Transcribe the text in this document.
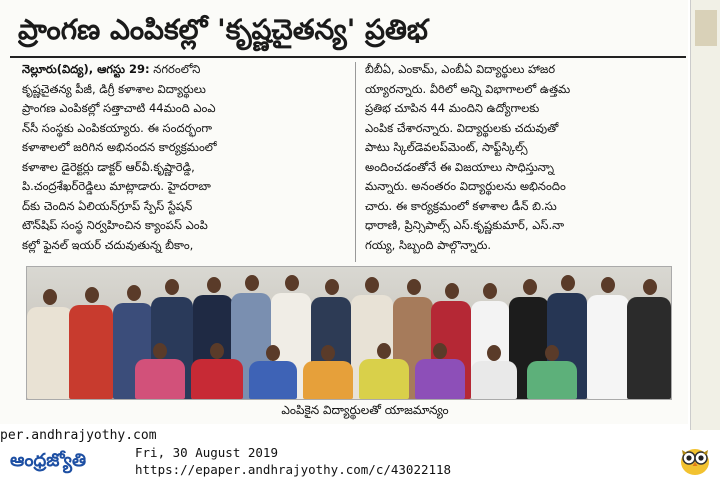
ప్రాంగణ ఎంపికల్లో 'కృష్ణచైతన్య' ప్రతిభ
నెల్లూరు(విద్య), ఆగస్టు 29: నగరంలోని
కృష్ణచైతన్య పీజీ, డిగ్రీ కళాశాల విద్యార్థులు
ప్రాంగణ ఎంపికల్లో సత్తాచాటి 44మంది ఎంఎ
న్‌సీ సంస్థకు ఎంపికయ్యారు. ఈ సందర్భంగా
కళాశాలలో జరిగిన అభినందన కార్యక్రమంలో
కళాశాల డైరెక్టర్లు డాక్టర్ ఆర్‌వీ.కృష్ణారెడ్డి,
పి.చంద్రశేఖర్‌రెడ్డిలు మాట్లాడారు. హైదరాబా
ద్‌కు చెందిన ఏలియన్‌గ్రూప్ స్పేస్ స్టేషన్
టౌన్‌షిప్ సంస్థ నిర్వహించిన క్యాంపస్ ఎంపి
కల్లో ఫైనల్ ఇయర్ చదువుతున్న బీకాం,
బీబీఏ, ఎంకామ్, ఎంబీఏ విద్యార్థులు హాజర
య్యారన్నారు. వీరిలో అన్ని విభాగాలలో ఉత్తమ
ప్రతిభ చూపిన 44 మందిని ఉద్యోగాలకు
ఎంపిక చేశారన్నారు. విద్యార్థులకు చదువుతో
పాటు స్కిల్‌డెవలప్‌మెంట్, సాఫ్ట్‌స్కిల్స్
అందించడంతోనే ఈ విజయాలు సాధిస్తున్నా
మన్నారు. అనంతరం విద్యార్థులను అభినందిం
చారు. ఈ కార్యక్రమంలో కళాశాల డీన్ బి.సు
ధారాణి, ప్రిన్సిపాల్స్ ఎస్.కృష్ణకుమార్, ఎస్.నా
గయ్య, సిబ్బంది పాల్గొన్నారు.
ఎంపికైన విద్యార్థులతో యాజమాన్యం
per.andhrajyothy.com
ఆంధ్రజ్యోతి	Fri, 30 August 2019
https://epaper.andhrajyothy.com/c/43022118
